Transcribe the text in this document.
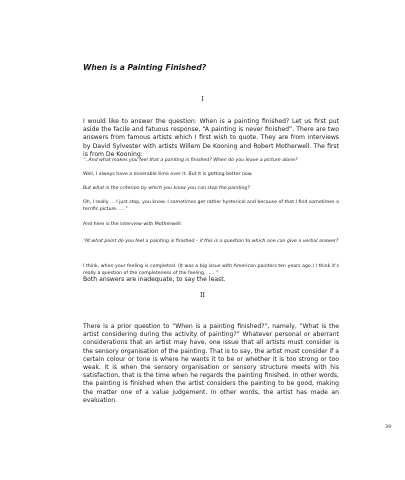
When is a Painting Finished?
I
I would like to answer the question: When is a painting finished? Let us first put aside the facile and fatuous response, “A painting is never finished”. There are two answers from famous artists which I first wish to quote. They are from interviews by David Sylvester with artists Willem De Kooning and Robert Motherwell. The first is from De Kooning:
“..And what makes you feel that a painting is finished? When do you leave a picture alone?
Well, I always have a miserable time over it. But it is getting better now.
But what is the criterion by which you know you can stop the painting?
Oh, I really … I just stop, you know. I sometimes get rather hysterical and because of that I find sometimes a terrific picture. ….”
And here is the interview with Motherwell:
“At what point do you feel a painting is finished – if this is a question to which one can give a verbal answer?
I think, when your feeling is completed. (It was a big issue with American painters ten years ago.) I think it’s really a question of the completeness of the feeling. ….. ”
Both answers are inadequate, to say the least.
II
There is a prior question to “When is a painting finished?”, namely, “What is the artist considering during the activity of painting?” Whatever personal or aberrant considerations that an artist may have, one issue that all artists must consider is the sensory organisation of the painting. That is to say, the artist must consider if a certain colour or tone is where he wants it to be or whether it is too strong or too weak. It is when the sensory organisation or sensory structure meets with his satisfaction, that is the time when he regards the painting finished. In other words, the painting is finished when the artist considers the painting to be good, making the matter one of a value judgement. In other words, the artist has made an evaluation.
39
